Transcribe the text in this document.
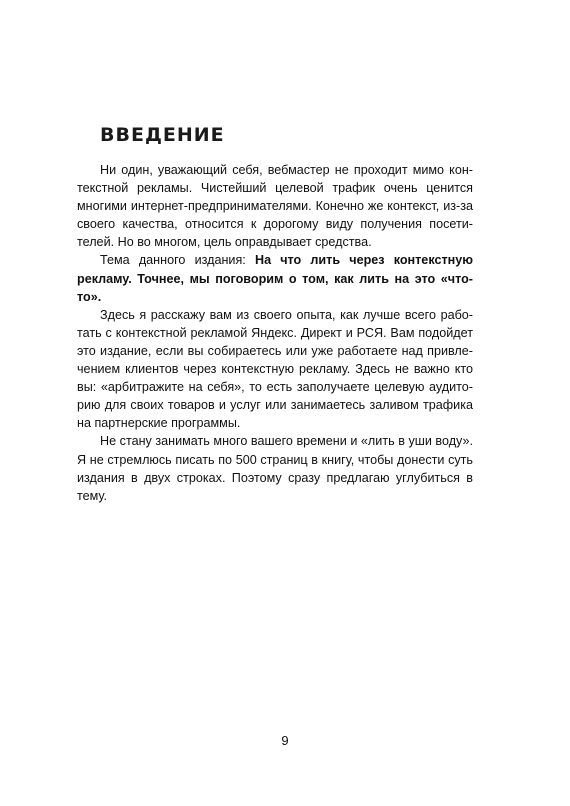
ВВЕДЕНИЕ

Ни один, уважающий себя, вебмастер не проходит мимо контекстной рекламы. Чистейший целевой трафик очень ценится многими интернет-предпринимателями. Конечно же контекст, из-за своего качества, относится к дорогому виду получения посетителей. Но во многом, цель оправдывает средства.

Тема данного издания: На что лить через контекстную рекламу. Точнее, мы поговорим о том, как лить на это «что-то».

Здесь я расскажу вам из своего опыта, как лучше всего работать с контекстной рекламой Яндекс. Директ и РСЯ. Вам подойдет это издание, если вы собираетесь или уже работаете над привлечением клиентов через контекстную рекламу. Здесь не важно кто вы: «арбитражите на себя», то есть заполучаете целевую аудиторию для своих товаров и услуг или занимаетесь заливом трафика на партнерские программы.

Не стану занимать много вашего времени и «лить в уши воду». Я не стремлюсь писать по 500 страниц в книгу, чтобы донести суть издания в двух строках. Поэтому сразу предлагаю углубиться в тему.

9
